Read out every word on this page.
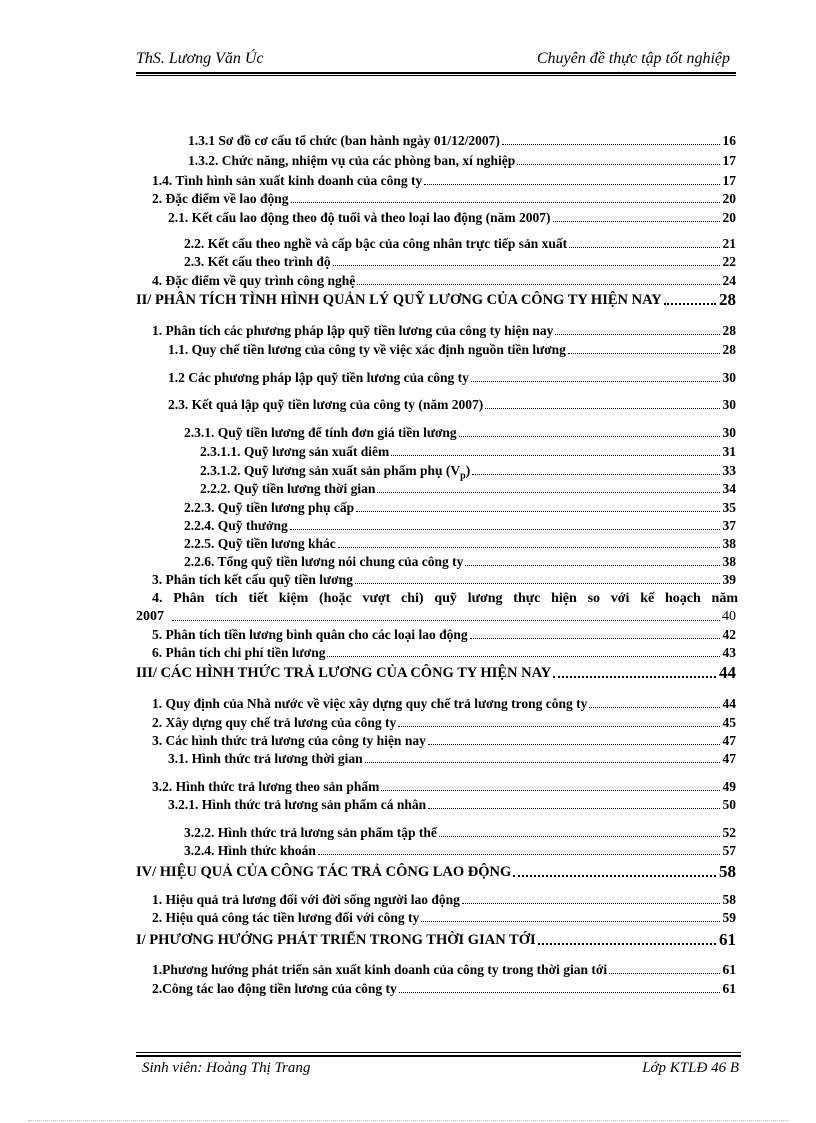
ThS. Lương Văn Úc	Chuyên đề thực tập tốt nghiệp
1.3.1 Sơ đồ cơ cấu tổ chức (ban hành ngày 01/12/2007)	16
1.3.2. Chức năng, nhiệm vụ của các phòng ban, xí nghiệp	17
1.4. Tình hình sản xuất kinh doanh của công ty	17
2. Đặc điểm về lao động	20
2.1. Kết cấu lao động theo độ tuổi và theo loại lao động (năm 2007)	20
2.2. Kết cấu theo nghề và cấp bậc của công nhân trực tiếp sản xuất	21
2.3. Kết cấu theo trình độ	22
4. Đặc điểm về quy trình công nghệ	24
II/ PHÂN TÍCH TÌNH HÌNH QUẢN LÝ QUỸ LƯƠNG CỦA CÔNG TY HIỆN NAY	28
1. Phân tích các phương pháp lập quỹ tiền lương của công ty hiện nay	28
1.1. Quy chế tiền lương của công ty về việc xác định nguồn tiền lương	28
1.2 Các phương pháp lập quỹ tiền lương của công ty	30
2.3. Kết quả lập quỹ tiền lương của công ty (năm 2007)	30
2.3.1. Quỹ tiền lương để tính đơn giá tiền lương	30
2.3.1.1. Quỹ lương sản xuất diêm	31
2.3.1.2. Quỹ lương sản xuất sản phẩm phụ $(V_p)$	33
2.2.2. Quỹ tiền lương thời gian	34
2.2.3. Quỹ tiền lương phụ cấp	35
2.2.4. Quỹ thưởng	37
2.2.5. Quỹ tiền lương khác	38
2.2.6. Tổng quỹ tiền lương nói chung của công ty	38
3. Phân tích kết cấu quỹ tiền lương	39
4. Phân tích tiết kiệm (hoặc vượt chi) quỹ lương thực hiện so với kế hoạch năm
2007	40
5. Phân tích tiền lương bình quân cho các loại lao động	42
6. Phân tích chi phí tiền lương	43
III/ CÁC HÌNH THỨC TRẢ LƯƠNG CỦA CÔNG TY HIỆN NAY	44
1. Quy định của Nhà nước về việc xây dựng quy chế trả lương trong công ty	44
2. Xây dựng quy chế trả lương của công ty	45
3. Các hình thức trả lương của công ty hiện nay	47
3.1. Hình thức trả lương thời gian	47
3.2. Hình thức trả lương theo sản phẩm	49
3.2.1. Hình thức trả lương sản phẩm cá nhân	50
3.2.2. Hình thức trả lương sản phẩm tập thể	52
3.2.4. Hình thức khoán	57
IV/ HIỆU QUẢ CỦA CÔNG TÁC TRẢ CÔNG LAO ĐỘNG	58
1. Hiệu quả trả lương đối với đời sống người lao động	58
2. Hiệu quả công tác tiền lương đối với công ty	59
I/ PHƯƠNG HƯỚNG PHÁT TRIỂN TRONG THỜI GIAN TỚI	61
1.Phương hướng phát triển sản xuất kinh doanh của công ty trong thời gian tới	61
2.Công tác lao động tiền lương của công ty	61
Sinh viên: Hoàng Thị Trang	Lớp KTLĐ 46 B
